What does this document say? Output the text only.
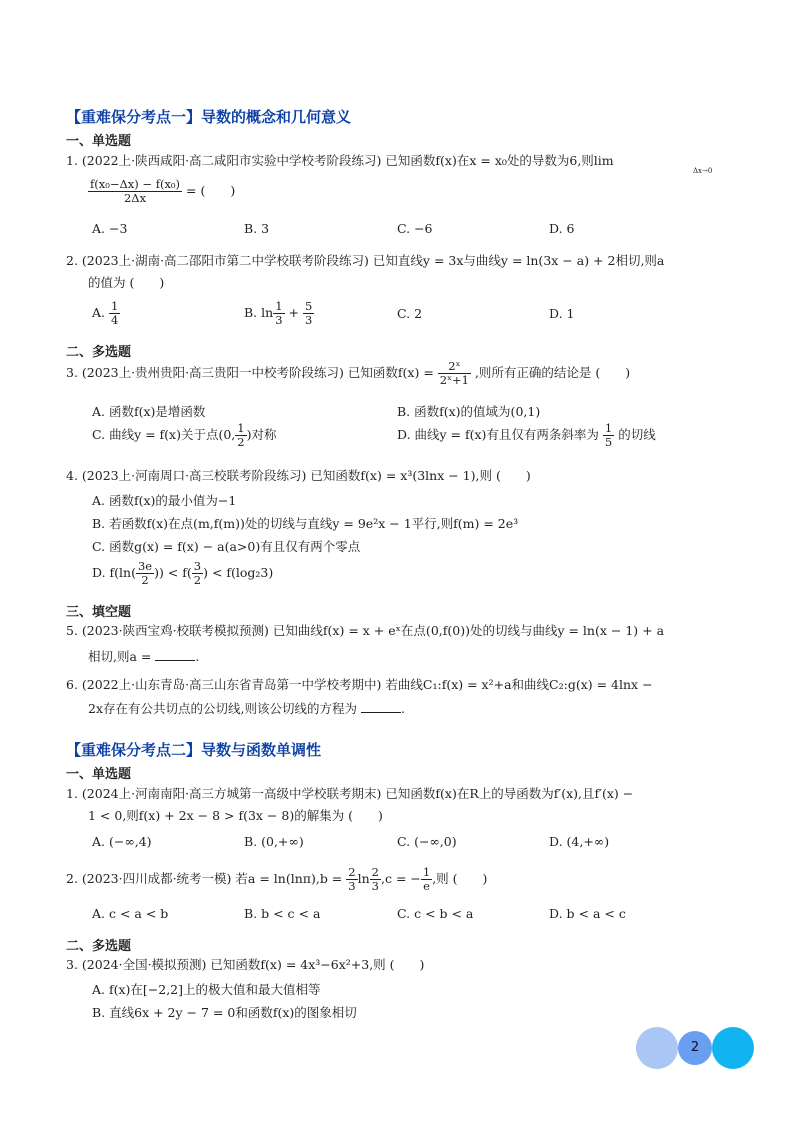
【重难保分考点一】导数的概念和几何意义
一、单选题
1. (2022上·陕西咸阳·高二咸阳市实验中学校考阶段练习) 已知函数f(x)在x = x₀处的导数为6,则lim
Δx→0
$\frac{\text{f(x₀−Δx) − f(x₀)}}{2\Delta x}$ = (　　)
A. −3	B. 3	C. −6	D. 6
2. (2023上·湖南·高二邵阳市第二中学校联考阶段练习) 已知直线y = 3x与曲线y = ln(3x − a) + 2相切,则a
的值为 (　　)
A. $\frac{1}{4}$	B. $\ln \frac{1}{3} + \frac{5}{3}$	C. 2	D. 1
二、多选题
3. (2023上·贵州贵阳·高三贵阳一中校考阶段练习) 已知函数$f(x) = \frac{\text{2ˣ}}{\text{2ˣ+1}}$ ,则所有正确的结论是 (　　)
A. 函数f(x)是增函数	B. 函数f(x)的值域为(0,1)
C. 曲线y = f(x)关于点(0, $\frac{1}{2}$ )对称	D. 曲线y = f(x)有且仅有两条斜率为 $\frac{1}{5}$ 的切线
4. (2023上·河南周口·高三校联考阶段练习) 已知函数f(x) = x³(3lnx − 1),则 (　　)
A. 函数f(x)的最小值为−1
B. 若函数f(x)在点(m,f(m))处的切线与直线y = 9e²x − 1平行,则f(m) = 2e³
C. 函数g(x) = f(x) − a(a>0)有且仅有两个零点
D. $f(\ln( \frac{3e}{2}$ )) < $f( \frac{3}{2}$ ) < f(log₂3)
三、填空题
5. (2023·陕西宝鸡·校联考模拟预测) 已知曲线f(x) = x + eˣ在点(0,f(0))处的切线与曲线y = ln(x − 1) + a
相切,则a =	.
6. (2022上·山东青岛·高三山东省青岛第一中学校考期中) 若曲线C₁:f(x) = x²+a和曲线C₂:g(x) = 4lnx −
2x存在有公共切点的公切线,则该公切线的方程为	.
【重难保分考点二】导数与函数单调性
一、单选题
1. (2024上·河南南阳·高三方城第一高级中学校联考期末) 已知函数f(x)在R上的导函数为f′(x),且f′(x) −
1 < 0,则f(x) + 2x − 8 > f(3x − 8)的解集为 (　　)
A. (−∞,4)	B. (0,+∞)	C. (−∞,0)	D. (4,+∞)
2. (2023·四川成都·统考一模) 若$a = \ln(\ln\pi),b = \frac{2}{3}$ $\ln \frac{2}{3} ,c$ = − $\frac{1}{e}$ ,则 (　　)
A. c < a < b	B. b < c < a	C. c < b < a	D. b < a < c
二、多选题
3. (2024·全国·模拟预测) 已知函数f(x) = 4x³−6x²+3,则 (　　)
A. f(x)在[−2,2]上的极大值和最大值相等
B. 直线6x + 2y − 7 = 0和函数f(x)的图象相切
2
